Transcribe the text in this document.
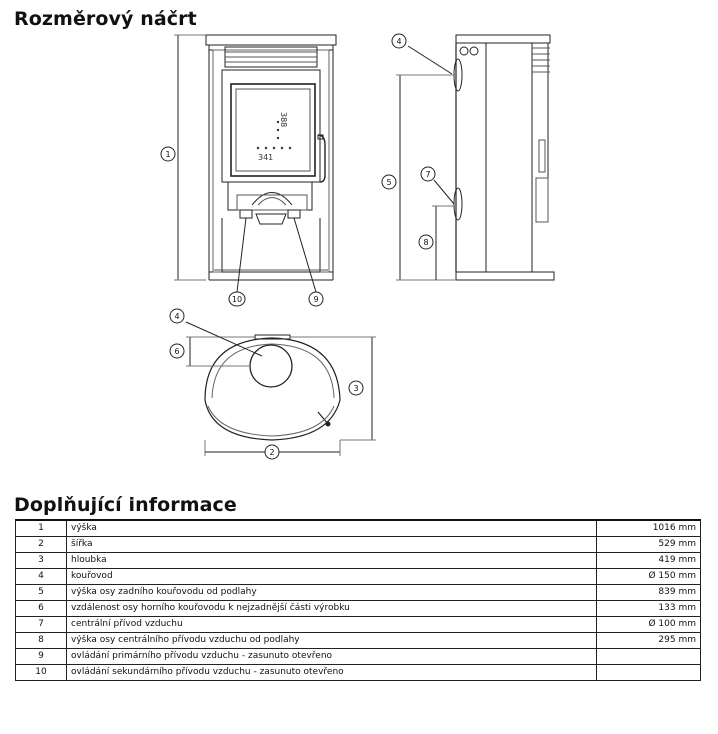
Rozměrový náčrt
388
341
1
10	9
4
5
7
8
4
6
3
2
Doplňující informace
1	výška	1016 mm
2	šířka	529 mm
3	hloubka	419 mm
4	kouřovod	Ø 150 mm
5	výška osy zadního kouřovodu od podlahy	839 mm
6	vzdálenost osy horního kouřovodu k nejzadnější části výrobku	133 mm
7	centrální přívod vzduchu	Ø 100 mm
8	výška osy centrálního přívodu vzduchu od podlahy	295 mm
9	ovládání primárního přívodu vzduchu - zasunuto otevřeno	
10	ovládání sekundárního přívodu vzduchu - zasunuto otevřeno	
